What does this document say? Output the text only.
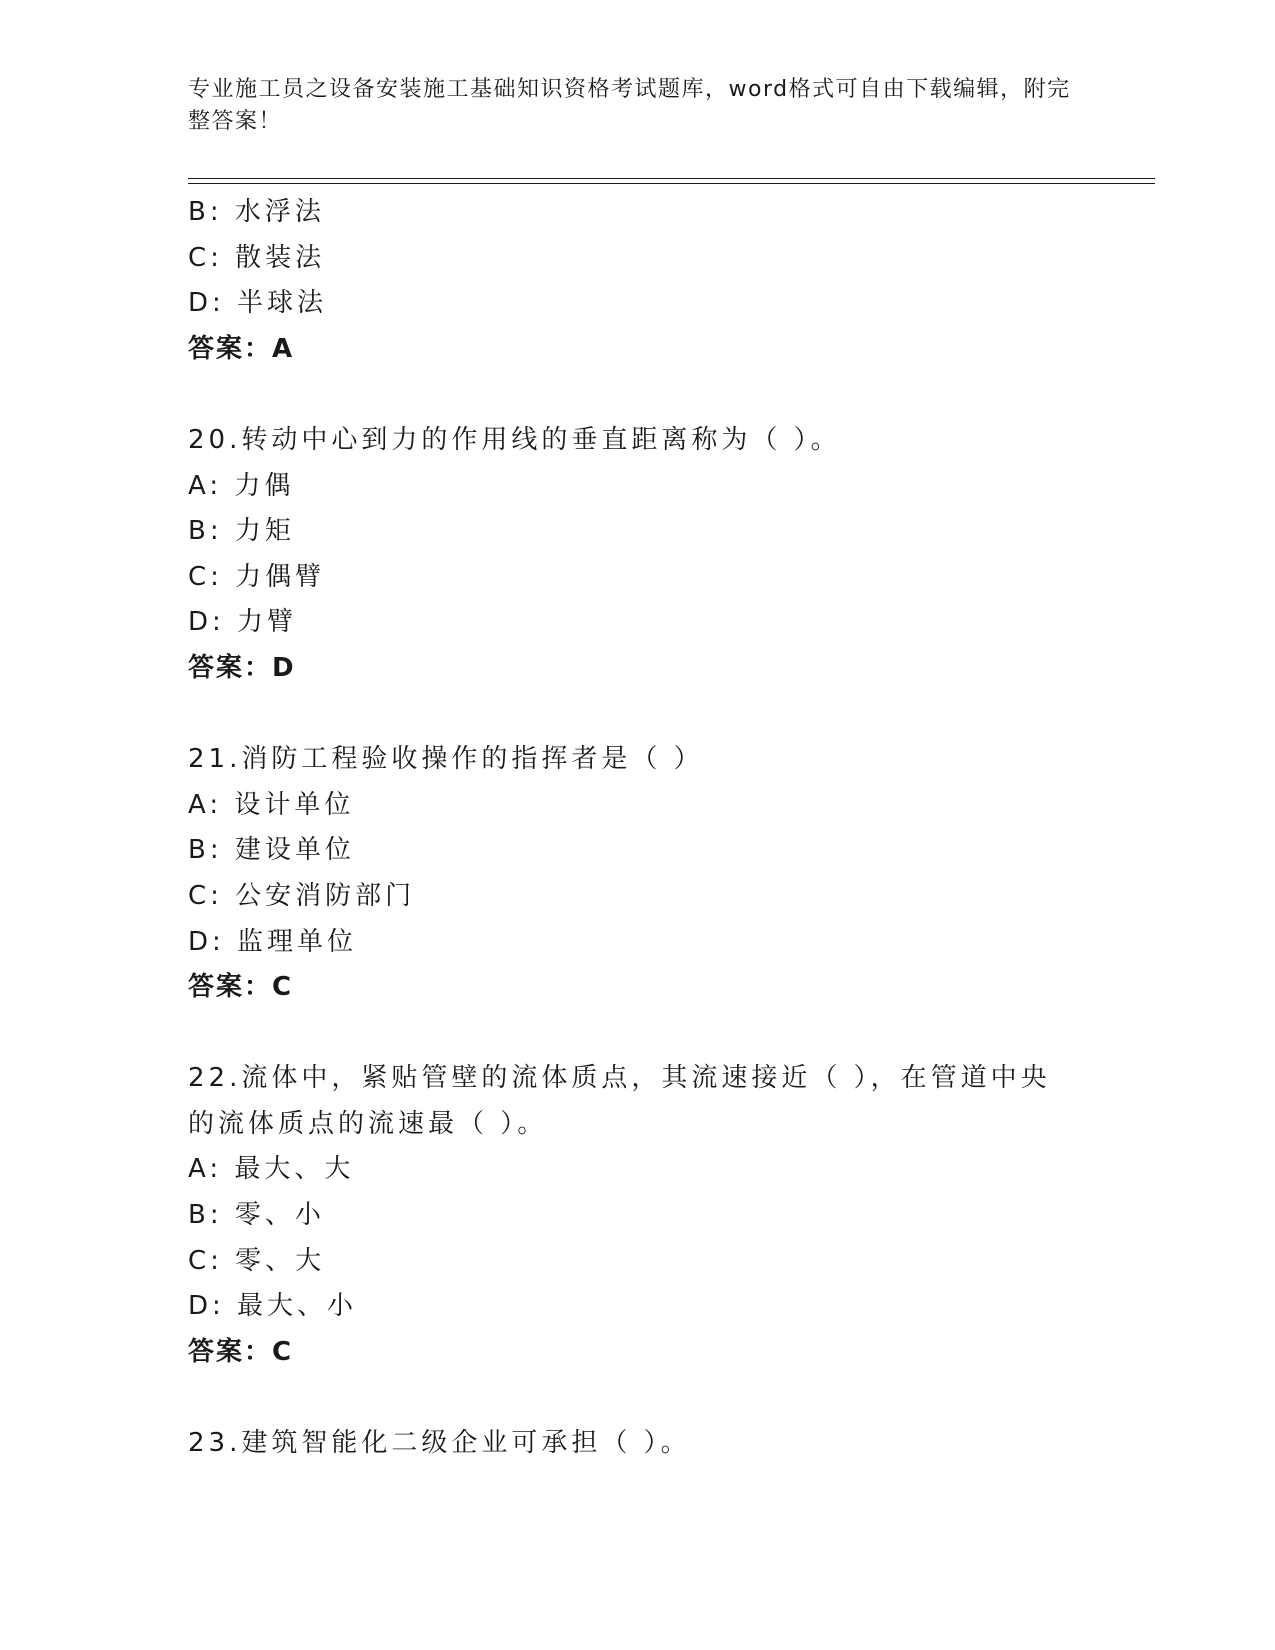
专业施工员之设备安装施工基础知识资格考试题库，word格式可自由下载编辑，附完整答案！
B: 水浮法
C: 散装法
D: 半球法
答案：A
20.转动中心到力的作用线的垂直距离称为（ ）。
A: 力偶
B: 力矩
C: 力偶臂
D: 力臂
答案：D
21.消防工程验收操作的指挥者是（ ）
A: 设计单位
B: 建设单位
C: 公安消防部门
D: 监理单位
答案：C
22.流体中，紧贴管壁的流体质点，其流速接近（ ），在管道中央的流体质点的流速最（ ）。
A: 最大、大
B: 零、小
C: 零、大
D: 最大、小
答案：C
23.建筑智能化二级企业可承担（ ）。
